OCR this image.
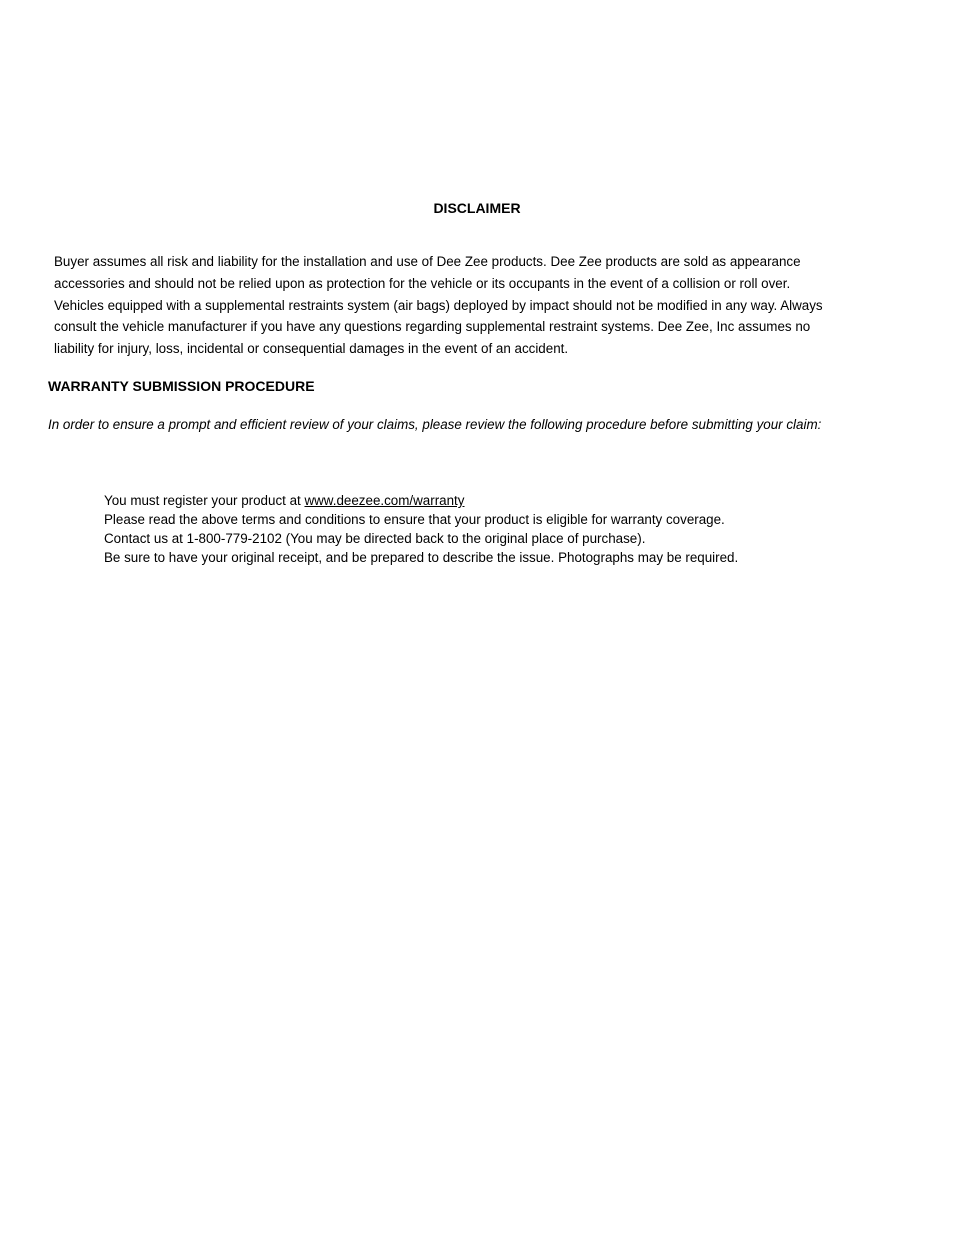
DISCLAIMER
Buyer assumes all risk and liability for the installation and use of Dee Zee products. Dee Zee products are sold as appearance
accessories and should not be relied upon as protection for the vehicle or its occupants in the event of a collision or roll over.
Vehicles equipped with a supplemental restraints system (air bags) deployed by impact should not be modified in any way. Always
consult the vehicle manufacturer if you have any questions regarding supplemental restraint systems. Dee Zee, Inc assumes no
liability for injury, loss, incidental or consequential damages in the event of an accident.
WARRANTY SUBMISSION PROCEDURE
In order to ensure a prompt and efficient review of your claims, please review the following procedure before submitting your claim:
You must register your product at www.deezee.com/warranty
Please read the above terms and conditions to ensure that your product is eligible for warranty coverage.
Contact us at 1-800-779-2102 (You may be directed back to the original place of purchase).
Be sure to have your original receipt, and be prepared to describe the issue. Photographs may be required.
